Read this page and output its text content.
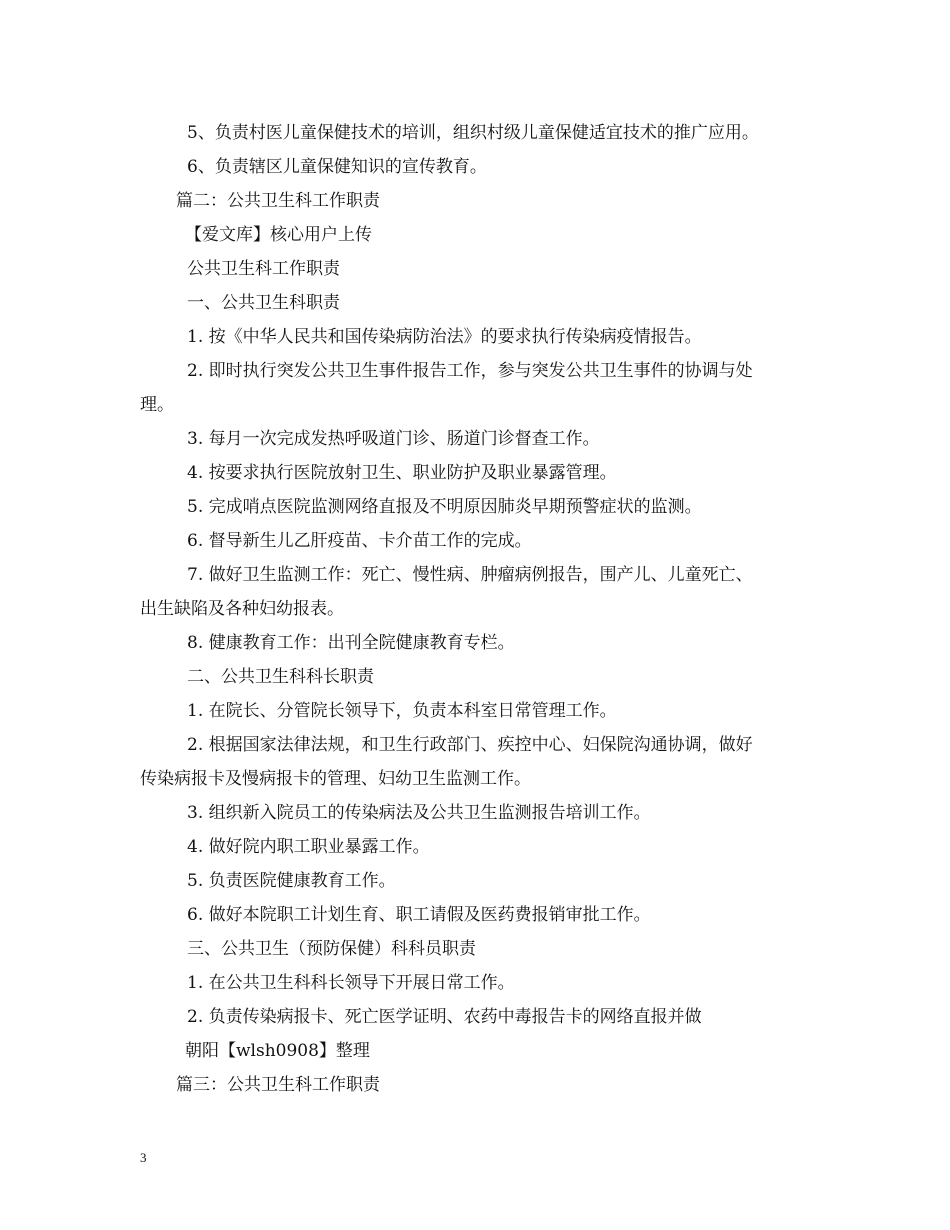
5、负责村医儿童保健技术的培训，组织村级儿童保健适宜技术的推广应用。
6、负责辖区儿童保健知识的宣传教育。
篇二：公共卫生科工作职责
【爱文库】核心用户上传
公共卫生科工作职责
一、公共卫生科职责
1. 按《中华人民共和国传染病防治法》的要求执行传染病疫情报告。
2. 即时执行突发公共卫生事件报告工作，参与突发公共卫生事件的协调与处
理。
3. 每月一次完成发热呼吸道门诊、肠道门诊督查工作。
4. 按要求执行医院放射卫生、职业防护及职业暴露管理。
5. 完成哨点医院监测网络直报及不明原因肺炎早期预警症状的监测。
6. 督导新生儿乙肝疫苗、卡介苗工作的完成。
7. 做好卫生监测工作：死亡、慢性病、肿瘤病例报告，围产儿、儿童死亡、
出生缺陷及各种妇幼报表。
8. 健康教育工作：出刊全院健康教育专栏。
二、公共卫生科科长职责
1. 在院长、分管院长领导下，负责本科室日常管理工作。
2. 根据国家法律法规，和卫生行政部门、疾控中心、妇保院沟通协调，做好
传染病报卡及慢病报卡的管理、妇幼卫生监测工作。
3. 组织新入院员工的传染病法及公共卫生监测报告培训工作。
4. 做好院内职工职业暴露工作。
5. 负责医院健康教育工作。
6. 做好本院职工计划生育、职工请假及医药费报销审批工作。
三、公共卫生（预防保健）科科员职责
1. 在公共卫生科科长领导下开展日常工作。
2. 负责传染病报卡、死亡医学证明、农药中毒报告卡的网络直报并做
朝阳【wlsh0908】整理
篇三：公共卫生科工作职责
3
